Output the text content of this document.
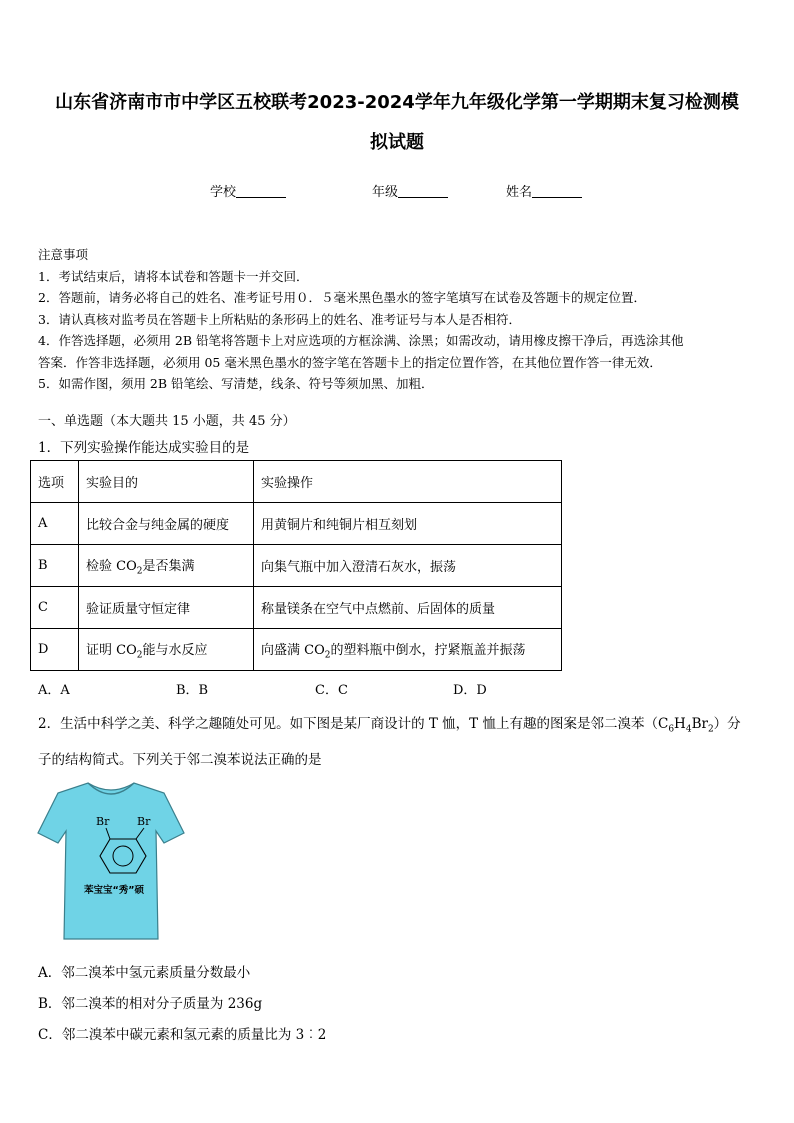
山东省济南市市中学区五校联考2023-2024学年九年级化学第一学期期末复习检测模
拟试题
学校	年级	姓名

注意事项

1．考试结束后，请将本试卷和答题卡一并交回．

2．答题前，请务必将自己的姓名、准考证号用０．５毫米黑色墨水的签字笔填写在试卷及答题卡的规定位置．

3．请认真核对监考员在答题卡上所粘贴的条形码上的姓名、准考证号与本人是否相符．

4．作答选择题，必须用 2B 铅笔将答题卡上对应选项的方框涂满、涂黑；如需改动，请用橡皮擦干净后，再选涂其他

答案．作答非选择题，必须用 05 毫米黑色墨水的签字笔在答题卡上的指定位置作答，在其他位置作答一律无效．

5．如需作图，须用 2B 铅笔绘、写清楚，线条、符号等须加黑、加粗．

一、单选题（本大题共 15 小题，共 45 分）
1．下列实验操作能达成实验目的是
选项	实验目的	实验操作
A	比较合金与纯金属的硬度	用黄铜片和纯铜片相互刻划
B	检验 $CO_2$是否集满	向集气瓶中加入澄清石灰水，振荡
C	验证质量守恒定律	称量镁条在空气中点燃前、后固体的质量
D	证明 $CO_2$能与水反应	向盛满 $CO_2$的塑料瓶中倒水，拧紧瓶盖并振荡
A．A	B．B	C．C	D．D
2．生活中科学之美、科学之趣随处可见。如下图是某厂商设计的 T 恤，T 恤上有趣的图案是邻二溴苯$(C_6H_4Br_2)$分
子的结构简式。下列关于邻二溴苯说法正确的是
Br	Br
苯宝宝“秀”硕
A．邻二溴苯中氢元素质量分数最小
B．邻二溴苯的相对分子质量为 236g
C．邻二溴苯中碳元素和氢元素的质量比为 3︰2
